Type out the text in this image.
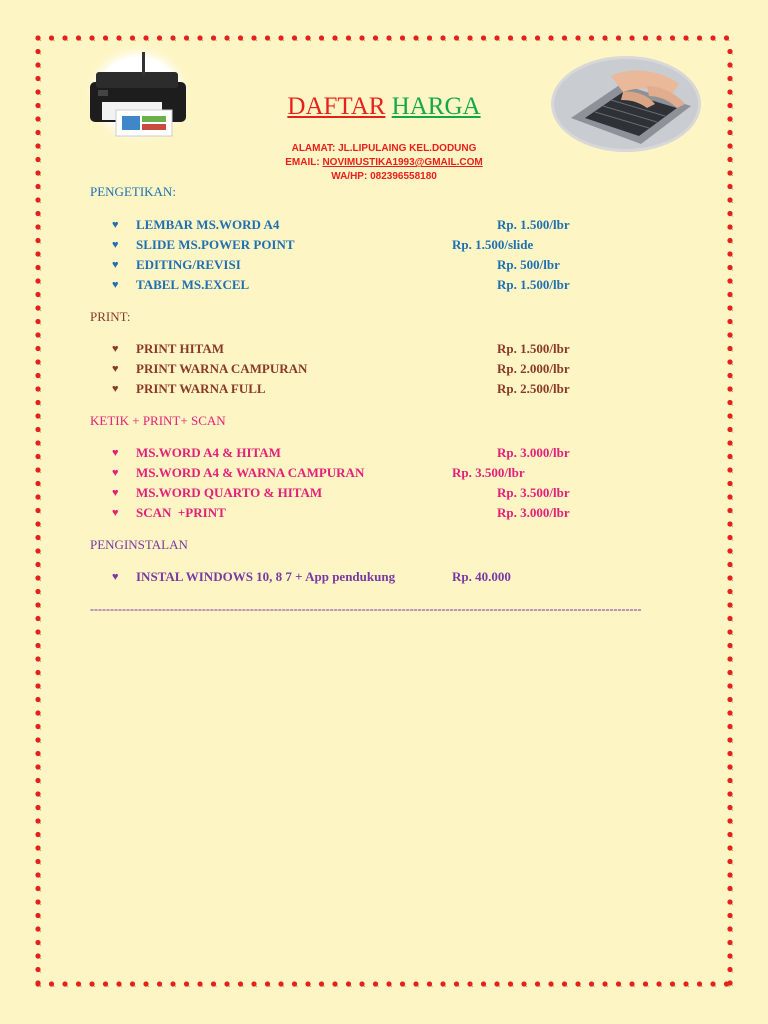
DAFTAR HARGA
ALAMAT: JL.LIPULAING KEL.DODUNG
EMAIL: NOVIMUSTIKA1993@GMAIL.COM
WA/HP: 082396558180
PENGETIKAN:
♥ LEMBAR MS.WORD A4	Rp. 1.500/lbr
♥ SLIDE MS.POWER POINT	Rp. 1.500/slide
♥ EDITING/REVISI	Rp. 500/lbr
♥ TABEL MS.EXCEL	Rp. 1.500/lbr
PRINT:
♥ PRINT HITAM	Rp. 1.500/lbr
♥ PRINT WARNA CAMPURAN	Rp. 2.000/lbr
♥ PRINT WARNA FULL	Rp. 2.500/lbr
KETIK + PRINT+ SCAN
♥ MS.WORD A4 & HITAM	Rp. 3.000/lbr
♥ MS.WORD A4 & WARNA CAMPURAN	Rp. 3.500/lbr
♥ MS.WORD QUARTO & HITAM	Rp. 3.500/lbr
♥ SCAN  +PRINT	Rp. 3.000/lbr
PENGINSTALAN
♥ INSTAL WINDOWS 10, 8 7 + App pendukung	Rp. 40.000
------------------------------------------------------------------------------------------------------------------------------------------
